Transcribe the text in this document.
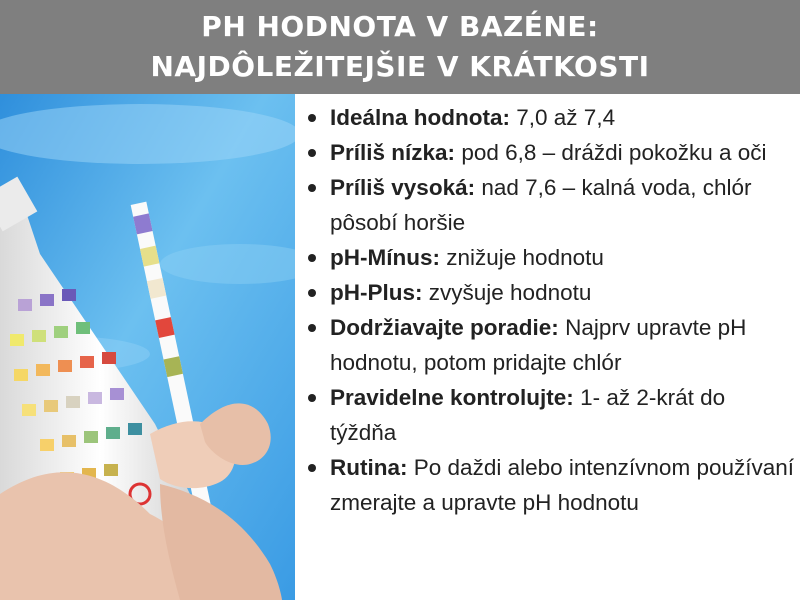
PH HODNOTA V BAZÉNE:
NAJDÔLEŽITEJŠIE V KRÁTKOSTI
Ideálna hodnota: 7,0 až 7,4
Príliš nízka: pod 6,8 – dráždi pokožku a oči
Príliš vysoká: nad 7,6 – kalná voda, chlór pôsobí horšie
pH-Mínus: znižuje hodnotu
pH-Plus: zvyšuje hodnotu
Dodržiavajte poradie: Najprv upravte pH hodnotu, potom pridajte chlór
Pravidelne kontrolujte: 1- až 2-krát do týždňa
Rutina: Po daždi alebo intenzívnom používaní zmerajte a upravte pH hodnotu
